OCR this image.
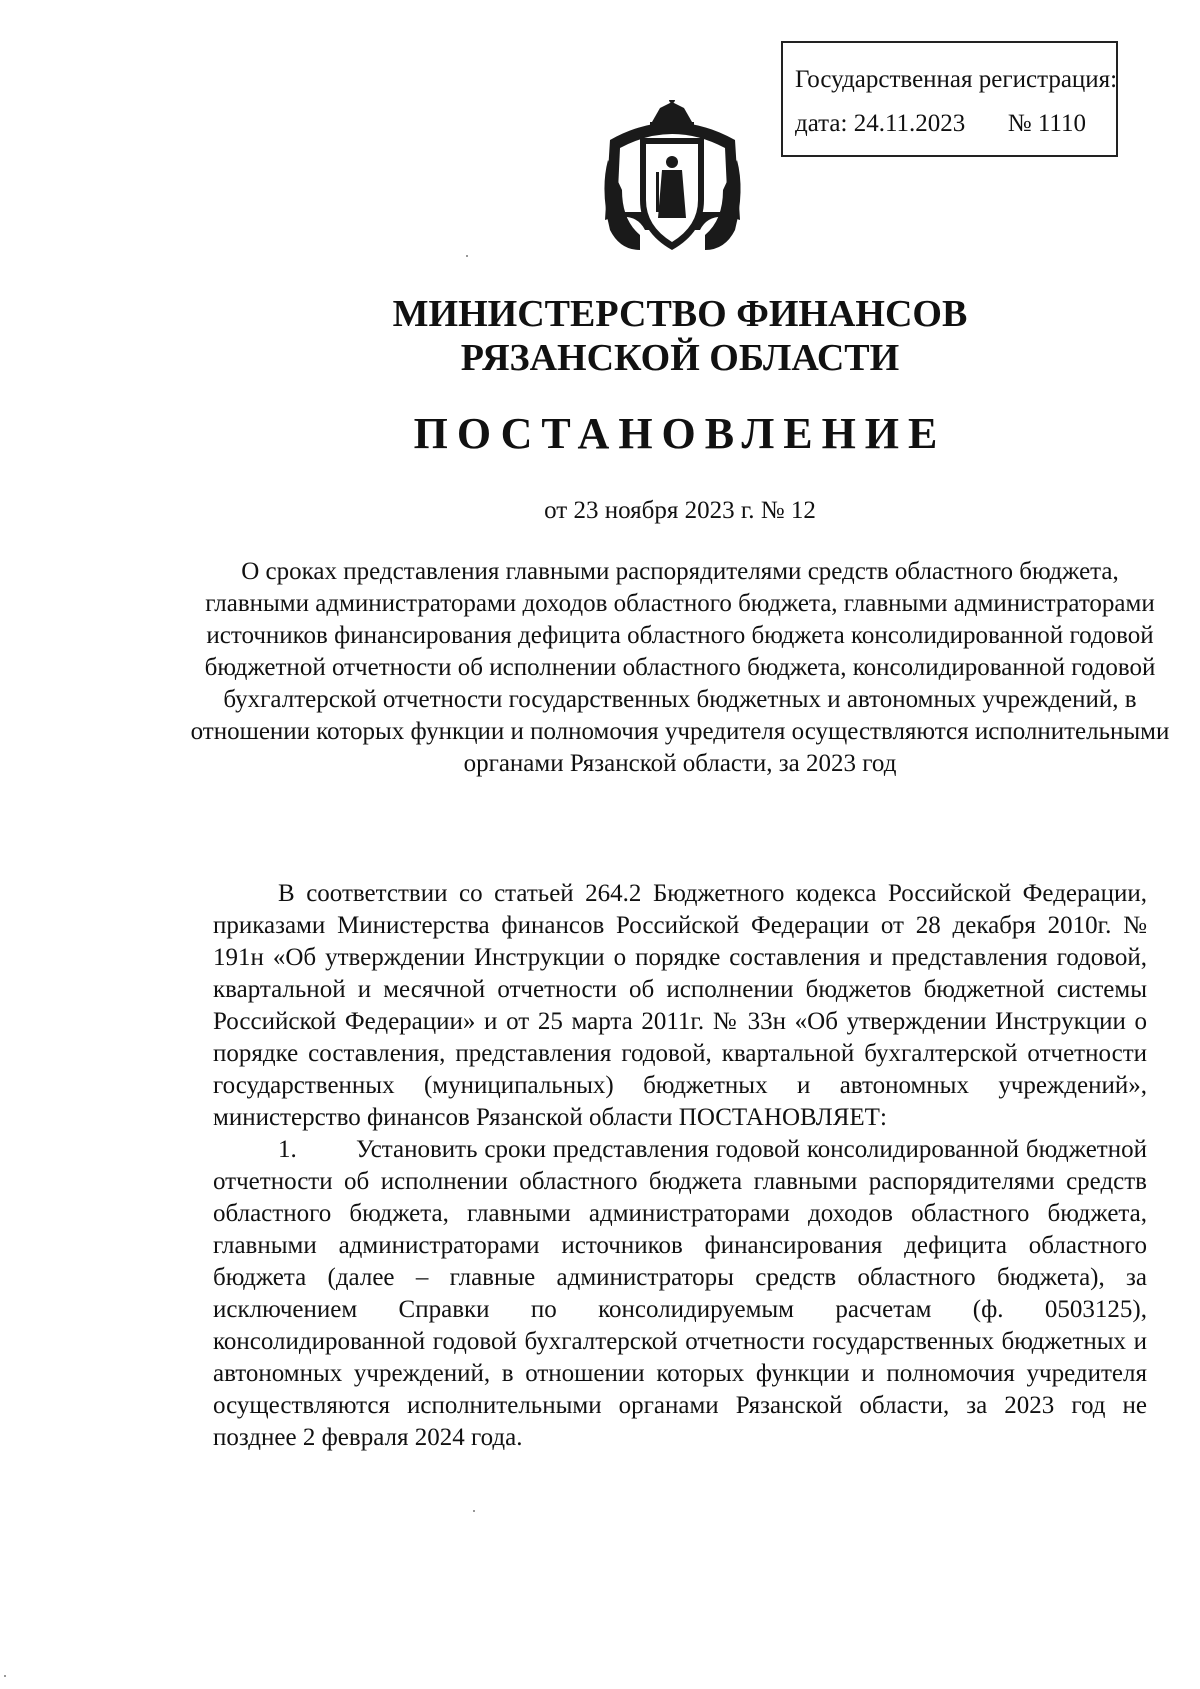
Государственная регистрация:
дата: 24.11.2023 № 1110
МИНИСТЕРСТВО ФИНАНСОВ
РЯЗАНСКОЙ ОБЛАСТИ
ПОСТАНОВЛЕНИЕ
от 23 ноября 2023 г. № 12
О сроках представления главными распорядителями средств областного бюджета, главными администраторами доходов областного бюджета, главными администраторами источников финансирования дефицита областного бюджета консолидированной годовой бюджетной отчетности об исполнении областного бюджета, консолидированной годовой бухгалтерской отчетности государственных бюджетных и автономных учреждений, в отношении которых функции и полномочия учредителя осуществляются исполнительными органами Рязанской области, за 2023 год

В соответствии со статьей 264.2 Бюджетного кодекса Российской Федерации, приказами Министерства финансов Российской Федерации от 28 декабря 2010г. № 191н «Об утверждении Инструкции о порядке составления и представления годовой, квартальной и месячной отчетности об исполнении бюджетов бюджетной системы Российской Федерации» и от 25 марта 2011г. № 33н «Об утверждении Инструкции о порядке составления, представления годовой, квартальной бухгалтерской отчетности государственных (муниципальных) бюджетных и автономных учреждений», министерство финансов Рязанской области ПОСТАНОВЛЯЕТ:

1. Установить сроки представления годовой консолидированной бюджетной отчетности об исполнении областного бюджета главными распорядителями средств областного бюджета, главными администраторами доходов областного бюджета, главными администраторами источников финансирования дефицита областного бюджета (далее – главные администраторы средств областного бюджета), за исключением Справки по консолидируемым расчетам (ф. 0503125), консолидированной годовой бухгалтерской отчетности государственных бюджетных и автономных учреждений, в отношении которых функции и полномочия учредителя осуществляются исполнительными органами Рязанской области, за 2023 год не позднее 2 февраля 2024 года.
